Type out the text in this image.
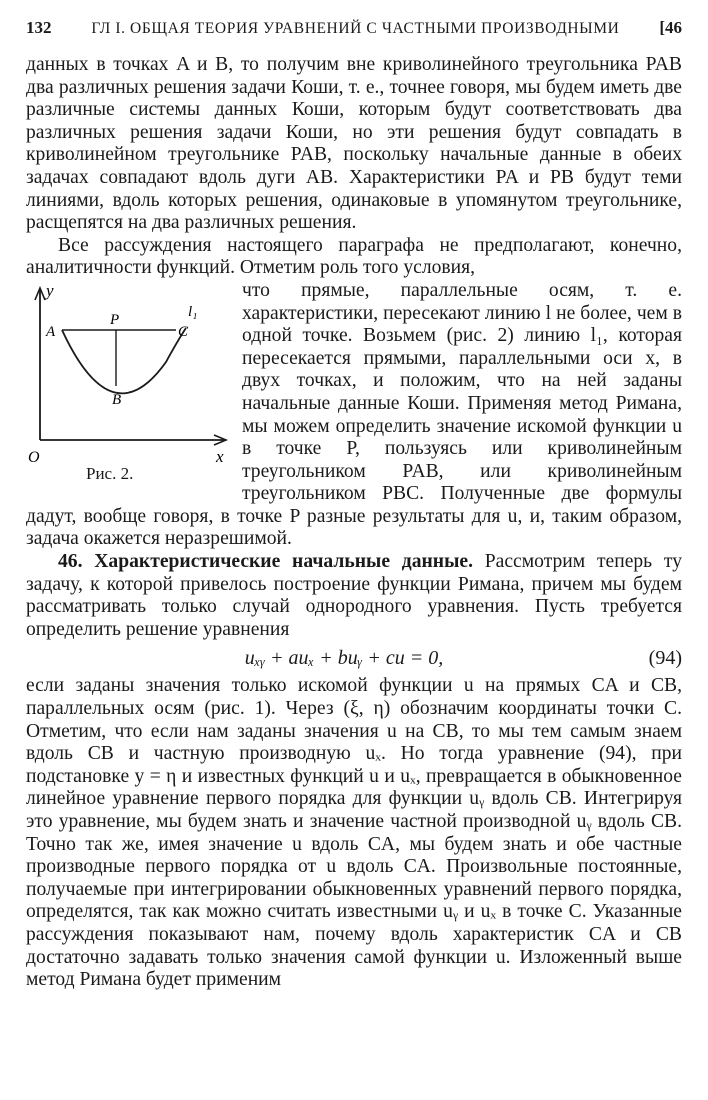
132	ГЛ I. ОБЩАЯ ТЕОРИЯ УРАВНЕНИЙ С ЧАСТНЫМИ ПРОИЗВОДНЫМИ [46

данных в точках A и B, то получим вне криволинейного треугольника PAB два различных решения задачи Коши, т. е., точнее говоря, мы будем иметь две различные системы данных Коши, которым будут соответствовать два различных решения задачи Коши, но эти решения будут совпадать в криволинейном треугольнике PAB, поскольку начальные данные в обеих задачах совпадают вдоль дуги AB. Характеристики PA и PB будут теми линиями, вдоль которых решения, одинаковые в упомянутом треугольнике, расщепятся на два различных решения.

Все рассуждения настоящего параграфа не предполагают, конечно, аналитичности функций. Отметим роль того условия,

y
x
O
A
P
C
B
l₁
Рис. 2.

что прямые, параллельные осям, т. е. характеристики, пересекают линию l не более, чем в одной точке. Возьмем (рис. 2) линию l₁, которая пересекается прямыми, параллельными оси x, в двух точках, и положим, что на ней заданы начальные данные Коши. Применяя метод Римана, мы можем определить значение искомой функции u в точке P, пользуясь или криволинейным треугольником PAB, или криволинейным треугольником PBC. Полученные две формулы дадут, вообще говоря, в точке P разные результаты для u, и, таким образом, задача окажется неразрешимой.

46. Характеристические начальные данные. Рассмотрим теперь ту задачу, к которой привелось построение функции Римана, причем мы будем рассматривать только случай однородного уравнения. Пусть требуется определить решение уравнения

uₓᵧ + auₓ + buᵧ + cu = 0,	(94)

если заданы значения только искомой функции u на прямых CA и CB, параллельных осям (рис. 1). Через (ξ, η) обозначим координаты точки C. Отметим, что если нам заданы значения u на CB, то мы тем самым знаем вдоль CB и частную производную uₓ. Но тогда уравнение (94), при подстановке y = η и известных функций u и uₓ, превращается в обыкновенное линейное уравнение первого порядка для функции uᵧ вдоль CB. Интегрируя это уравнение, мы будем знать и значение частной производной uᵧ вдоль CB. Точно так же, имея значение u вдоль CA, мы будем знать и обе частные производные первого порядка от u вдоль CA. Произвольные постоянные, получаемые при интегрировании обыкновенных уравнений первого порядка, определятся, так как можно считать известными uᵧ и uₓ в точке C. Указанные рассуждения показывают нам, почему вдоль характеристик CA и CB достаточно задавать только значения самой функции u. Изложенный выше метод Римана будет применим
